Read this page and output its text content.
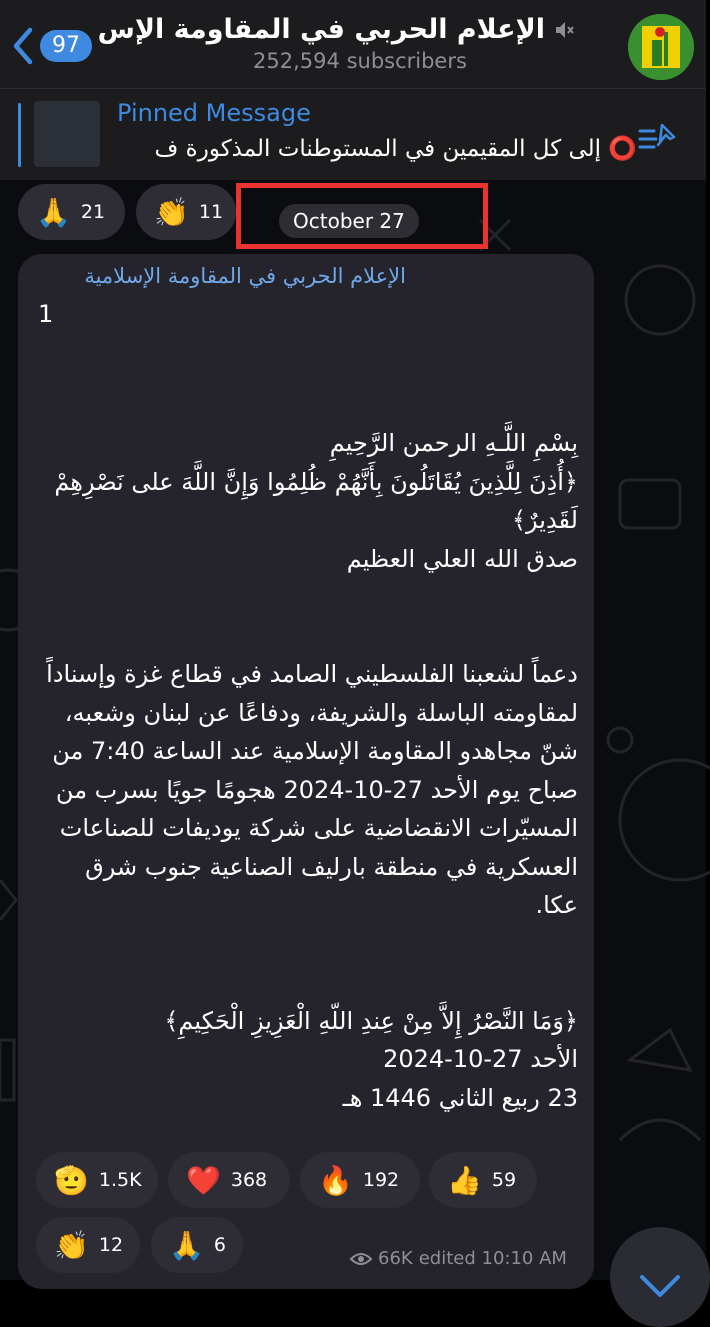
97
الإعلام الحربي في المقاومة الإس
252,594 subscribers
Pinned Message
⭕️ إلى كل المقيمين في المستوطنات المذكورة ف
🙏 21 👏 11	October 27
الإعلام الحربي في المقاومة الإسلامية
1
بِسْمِ اللَّـهِ الرحمن الرَّحِيمِ
﴿أُذِنَ لِلَّذِينَ يُقَاتَلُونَ بِأَنَّهُمْ ظُلِمُوا وَإِنَّ اللَّهَ على نَصْرِهِمْ لَقَدِيرٌ﴾
صدق الله العلي العظيم

دعماً لشعبنا الفلسطيني الصامد في قطاع غزة وإسناداً لمقاومته الباسلة والشريفة، ودفاعًا عن لبنان وشعبه، شنّ مجاهدو المقاومة الإسلامية عند الساعة 7:40 من صباح يوم الأحد 27-10-2024 هجومًا جويًا بسرب من المسيّرات الانقضاضية على شركة يوديفات للصناعات العسكرية في منطقة بارليف الصناعية جنوب شرق عكا.

﴿وَمَا النَّصْرُ إِلاَّ مِنْ عِندِ اللّهِ الْعَزِيزِ الْحَكِيمِ﴾
الأحد 27-10-2024
23 ربيع الثاني 1446 هـ
🫡 1.5K ❤️ 368 🔥 192 👍 59
👏 12 🙏 6
66K edited 10:10 AM
